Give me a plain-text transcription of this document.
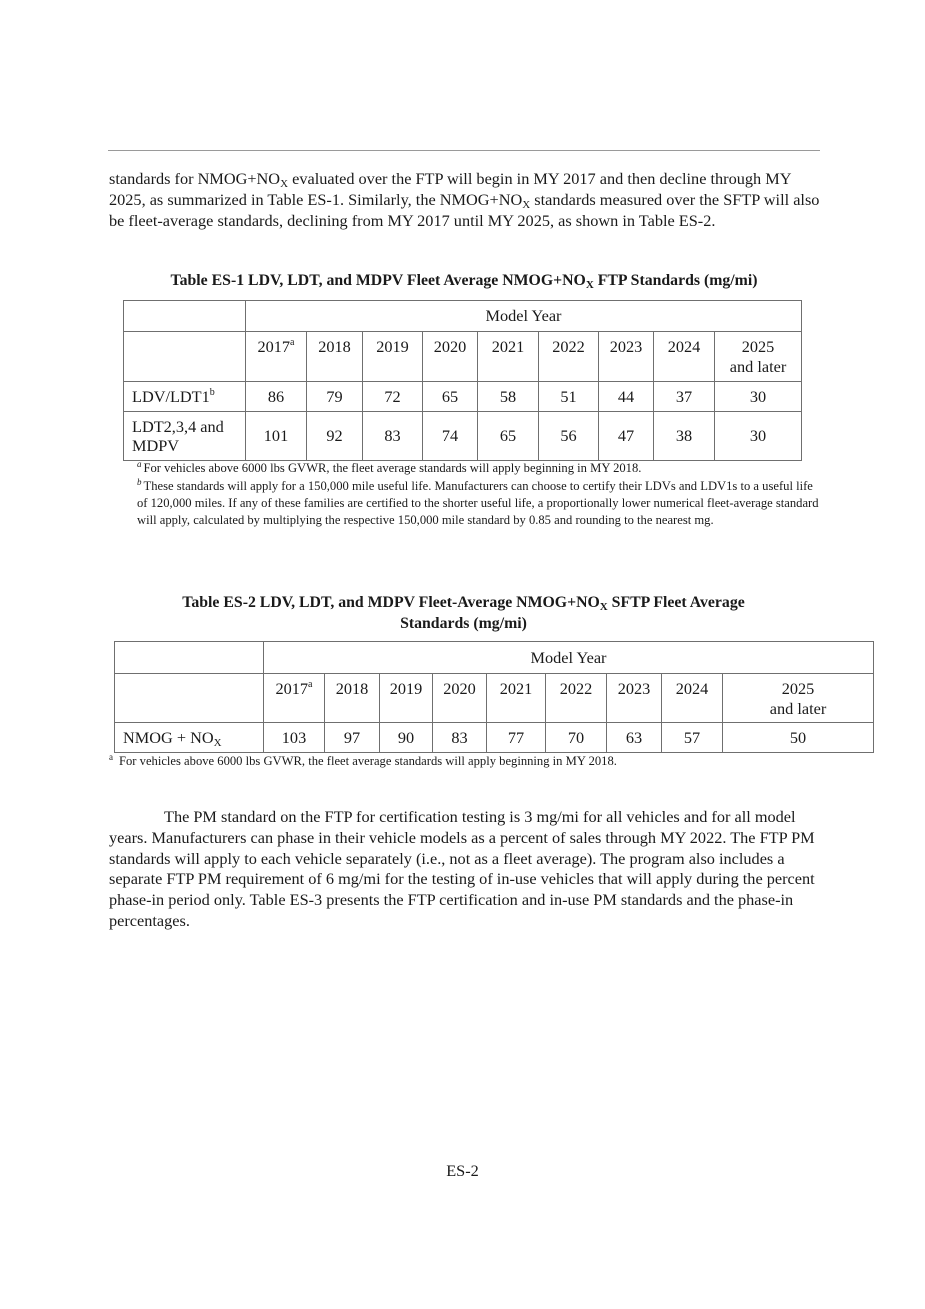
standards for $NMOG+NO_X$ evaluated over the FTP will begin in MY 2017 and then decline through MY 2025, as summarized in Table ES-1. Similarly, the $NMOG+NO_X$ standards measured over the SFTP will also be fleet-average standards, declining from MY 2017 until MY 2025, as shown in Table ES-2.

Table ES-1 LDV, LDT, and MDPV Fleet Average $NMOG+NO_X$ FTP Standards (mg/mi)
	Model Year								
	2017$^a$	2018	2019	2020	2021	2022	2023	2024	2025
and later
LDV/LDT1$^b$	86	79	72	65	58	51	44	37	30
LDT2,3,4 and
MDPV	101	92	83	74	65	56	47	38	30
$^a$ For vehicles above 6000 lbs GVWR, the fleet average standards will apply beginning in MY 2018.
$^b$ These standards will apply for a 150,000 mile useful life. Manufacturers can choose to certify their LDVs and LDV1s to a useful life of 120,000 miles. If any of these families are certified to the shorter useful life, a proportionally lower numerical fleet-average standard will apply, calculated by multiplying the respective 150,000 mile standard by 0.85 and rounding to the nearest mg.
Table ES-2 LDV, LDT, and MDPV Fleet-Average $NMOG+NO_X$ SFTP Fleet Average
Standards (mg/mi)
	Model Year								
	2017$^a$	2018	2019	2020	2021	2022	2023	2024	2025
and later
NMOG + $NO_X$	103	97	90	83	77	70	63	57	50
$^a$ For vehicles above 6000 lbs GVWR, the fleet average standards will apply beginning in MY 2018.

The PM standard on the FTP for certification testing is 3 mg/mi for all vehicles and for all model years. Manufacturers can phase in their vehicle models as a percent of sales through MY 2022. The FTP PM standards will apply to each vehicle separately (i.e., not as a fleet average). The program also includes a separate FTP PM requirement of 6 mg/mi for the testing of in-use vehicles that will apply during the percent phase-in period only. Table ES-3 presents the FTP certification and in-use PM standards and the phase-in percentages.

ES-2
